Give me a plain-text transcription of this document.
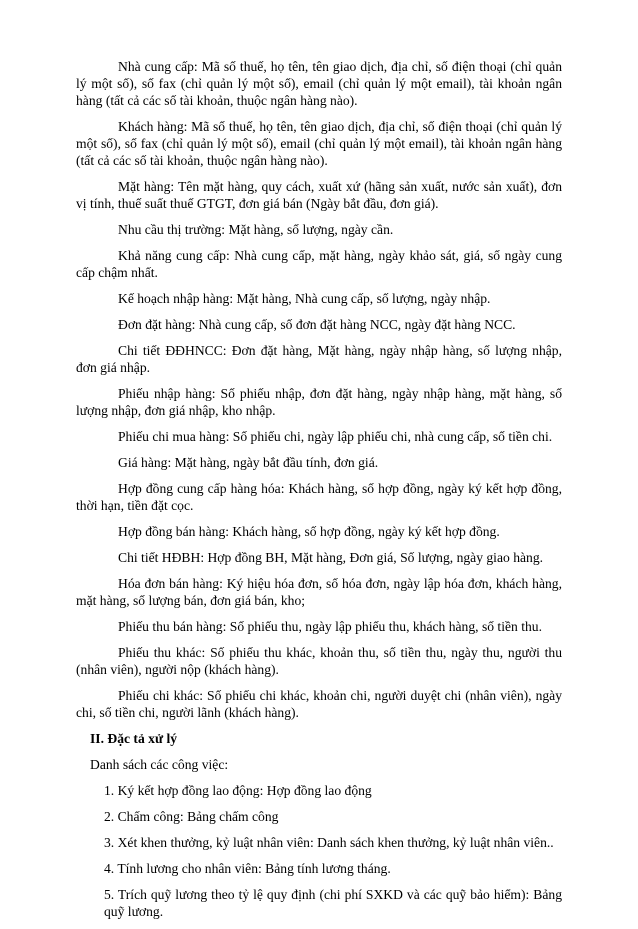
Nhà cung cấp: Mã số thuế, họ tên, tên giao dịch, địa chỉ, số điện thoại (chỉ quản lý một số), số fax (chỉ quản lý một số), email (chỉ quản lý một email), tài khoản ngân hàng (tất cả các số tài khoản, thuộc ngân hàng nào).

Khách hàng: Mã số thuế, họ tên, tên giao dịch, địa chỉ, số điện thoại (chỉ quản lý một số), số fax (chỉ quản lý một số), email (chỉ quản lý một email), tài khoản ngân hàng (tất cả các số tài khoản, thuộc ngân hàng nào).

Mặt hàng: Tên mặt hàng, quy cách, xuất xứ (hãng sản xuất, nước sản xuất), đơn vị tính, thuế suất thuế GTGT, đơn giá bán (Ngày bắt đầu, đơn giá).

Nhu cầu thị trường: Mặt hàng, số lượng, ngày cần.

Khả năng cung cấp: Nhà cung cấp, mặt hàng, ngày khảo sát, giá, số ngày cung cấp chậm nhất.

Kế hoạch nhập hàng: Mặt hàng, Nhà cung cấp, số lượng, ngày nhập.

Đơn đặt hàng: Nhà cung cấp, số đơn đặt hàng NCC, ngày đặt hàng NCC.

Chi tiết ĐĐHNCC: Đơn đặt hàng, Mặt hàng, ngày nhập hàng, số lượng nhập, đơn giá nhập.

Phiếu nhập hàng: Số phiếu nhập, đơn đặt hàng, ngày nhập hàng, mặt hàng, số lượng nhập, đơn giá nhập, kho nhập.

Phiếu chi mua hàng: Số phiếu chi, ngày lập phiếu chi, nhà cung cấp, số tiền chi.

Giá hàng: Mặt hàng, ngày bắt đầu tính, đơn giá.

Hợp đồng cung cấp hàng hóa: Khách hàng, số hợp đồng, ngày ký kết hợp đồng, thời hạn, tiền đặt cọc.

Hợp đồng bán hàng: Khách hàng, số hợp đồng, ngày ký kết hợp đồng.

Chi tiết HĐBH: Hợp đồng BH, Mặt hàng, Đơn giá, Số lượng, ngày giao hàng.

Hóa đơn bán hàng: Ký hiệu hóa đơn, số hóa đơn, ngày lập hóa đơn, khách hàng, mặt hàng, số lượng bán, đơn giá bán, kho;

Phiếu thu bán hàng: Số phiếu thu, ngày lập phiếu thu, khách hàng, số tiền thu.

Phiếu thu khác: Số phiếu thu khác, khoản thu, số tiền thu, ngày thu, người thu (nhân viên), người nộp (khách hàng).

Phiếu chi khác: Số phiếu chi khác, khoản chi, người duyệt chi (nhân viên), ngày chi, số tiền chi, người lãnh (khách hàng).

II. Đặc tả xử lý

Danh sách các công việc:

1. Ký kết hợp đồng lao động: Hợp đồng lao động

2. Chấm công: Bảng chấm công

3. Xét khen thưởng, kỷ luật nhân viên: Danh sách khen thưởng, kỷ luật nhân viên..

4. Tính lương cho nhân viên: Bảng tính lương tháng.

5. Trích quỹ lương theo tỷ lệ quy định (chi phí SXKD và các quỹ bảo hiểm): Bảng quỹ lương.
